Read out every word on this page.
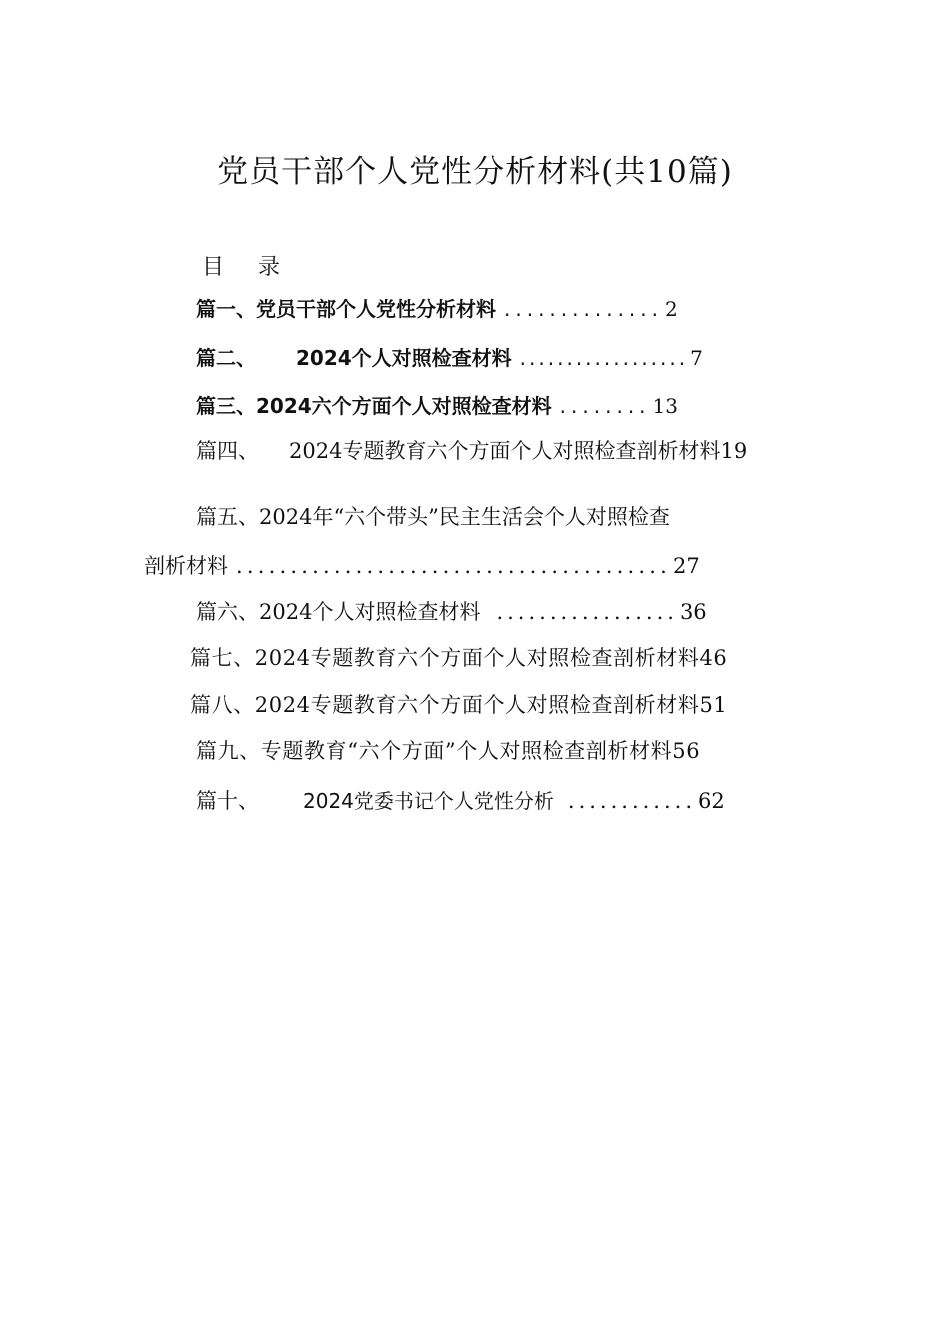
党员干部个人党性分析材料(共10篇)
目 录
篇一、党员干部个人党性分析材料 .............. 2
篇二、 2024个人对照检查材料 .................. 7
篇三、2024六个方面个人对照检查材料 ........ 13
篇四、 2024专题教育六个方面个人对照检查剖析材料19
篇五、2024年“六个带头”民主生活会个人对照检查
剖析材料 ........................................27
篇六、2024个人对照检查材料 .................36
篇七、2024专题教育六个方面个人对照检查剖析材料46
篇八、2024专题教育六个方面个人对照检查剖析材料51
篇九、专题教育“六个方面”个人对照检查剖析材料56
篇十、 2024党委书记个人党性分析 ............62
